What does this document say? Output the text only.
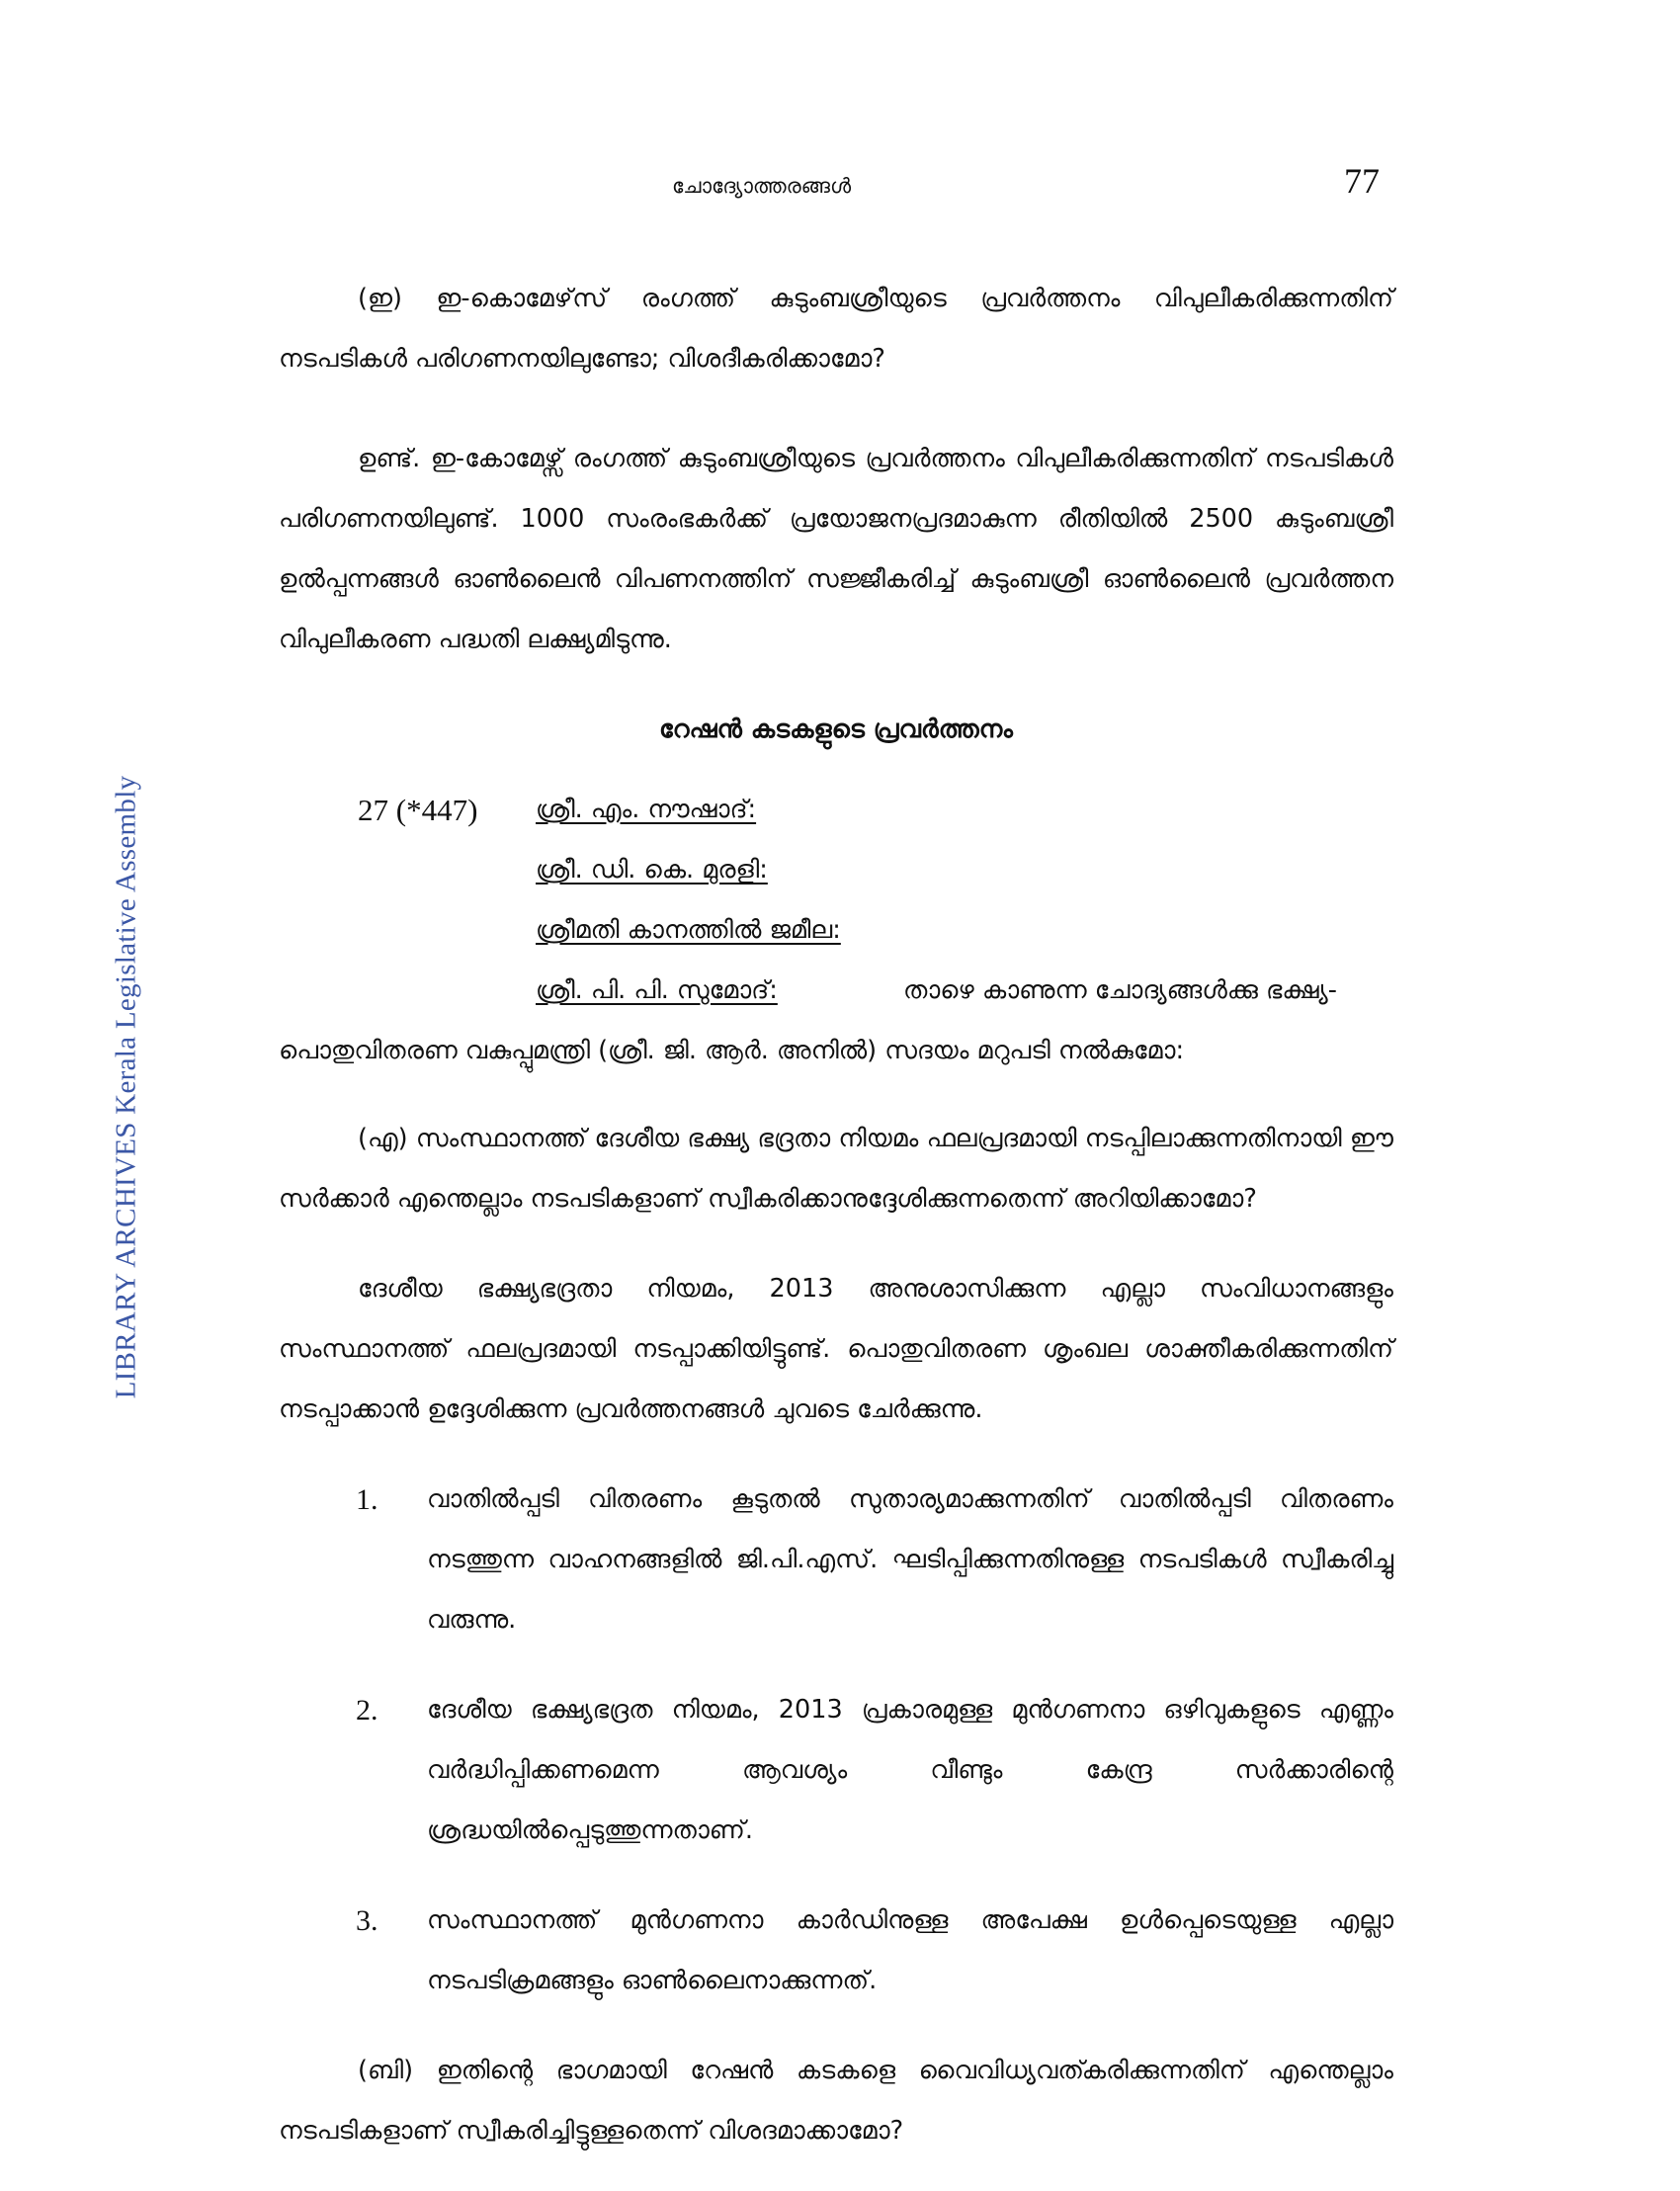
ചോദ്യോത്തരങ്ങൾ	77
LIBRARY ARCHIVES Kerala Legislative Assembly

(ഇ) ഇ-കൊമേഴ്‌സ് രംഗത്ത് കുടുംബശ്രീയുടെ പ്രവർത്തനം വിപുലീകരിക്കുന്നതിന് നടപടികൾ പരിഗണനയിലുണ്ടോ; വിശദീകരിക്കാമോ?

ഉണ്ട്. ഇ-കോമേഴ്സ് രംഗത്ത് കുടുംബശ്രീയുടെ പ്രവർത്തനം വിപുലീകരിക്കുന്നതിന് നടപടികൾ പരിഗണനയിലുണ്ട്. 1000 സംരംഭകർക്ക് പ്രയോജനപ്രദമാകുന്ന രീതിയിൽ 2500 കുടുംബശ്രീ ഉൽപ്പന്നങ്ങൾ ഓൺലൈൻ വിപണനത്തിന് സജ്ജീകരിച്ച് കുടുംബശ്രീ ഓൺലൈൻ പ്രവർത്തന വിപുലീകരണ പദ്ധതി ലക്ഷ്യമിടുന്നു.

റേഷൻ കടകളുടെ പ്രവർത്തനം
27 (*447) ശ്രീ. എം. നൗഷാദ്:
ശ്രീ. ഡി. കെ. മുരളി:
ശ്രീമതി കാനത്തിൽ ജമീല:
ശ്രീ. പി. പി. സുമോദ്:	താഴെ കാണുന്ന ചോദ്യങ്ങൾക്കു ഭക്ഷ്യ-

പൊതുവിതരണ വകുപ്പുമന്ത്രി (ശ്രീ. ജി. ആർ. അനിൽ) സദയം മറുപടി നൽകുമോ:

(എ) സംസ്ഥാനത്ത് ദേശീയ ഭക്ഷ്യ ഭദ്രതാ നിയമം ഫലപ്രദമായി നടപ്പിലാക്കുന്നതിനായി ഈ സർക്കാർ എന്തെല്ലാം നടപടികളാണ് സ്വീകരിക്കാനുദ്ദേശിക്കുന്നതെന്ന് അറിയിക്കാമോ?

ദേശീയ ഭക്ഷ്യഭദ്രതാ നിയമം, 2013 അനുശാസിക്കുന്ന എല്ലാ സംവിധാനങ്ങളും സംസ്ഥാനത്ത് ഫലപ്രദമായി നടപ്പാക്കിയിട്ടുണ്ട്. പൊതുവിതരണ ശൃംഖല ശാക്തീകരിക്കുന്നതിന് നടപ്പാക്കാൻ ഉദ്ദേശിക്കുന്ന പ്രവർത്തനങ്ങൾ ചുവടെ ചേർക്കുന്നു.

1. വാതിൽപ്പടി വിതരണം കൂടുതൽ സുതാര്യമാക്കുന്നതിന് വാതിൽപ്പടി വിതരണം നടത്തുന്ന വാഹനങ്ങളിൽ ജി.പി.എസ്. ഘടിപ്പിക്കുന്നതിനുള്ള നടപടികൾ സ്വീകരിച്ചു വരുന്നു.
2. ദേശീയ ഭക്ഷ്യഭദ്രത നിയമം, 2013 പ്രകാരമുള്ള മുൻഗണനാ ഒഴിവുകളുടെ എണ്ണം വർദ്ധിപ്പിക്കണമെന്ന ആവശ്യം വീണ്ടും കേന്ദ്ര സർക്കാരിന്റെ ശ്രദ്ധയിൽപ്പെടുത്തുന്നതാണ്.
3. സംസ്ഥാനത്ത് മുൻഗണനാ കാർഡിനുള്ള അപേക്ഷ ഉൾപ്പെടെയുള്ള എല്ലാ നടപടിക്രമങ്ങളും ഓൺലൈനാക്കുന്നത്.

(ബി) ഇതിന്റെ ഭാഗമായി റേഷൻ കടകളെ വൈവിധ്യവത്കരിക്കുന്നതിന് എന്തെല്ലാം നടപടികളാണ് സ്വീകരിച്ചിട്ടുള്ളതെന്ന് വിശദമാക്കാമോ?
